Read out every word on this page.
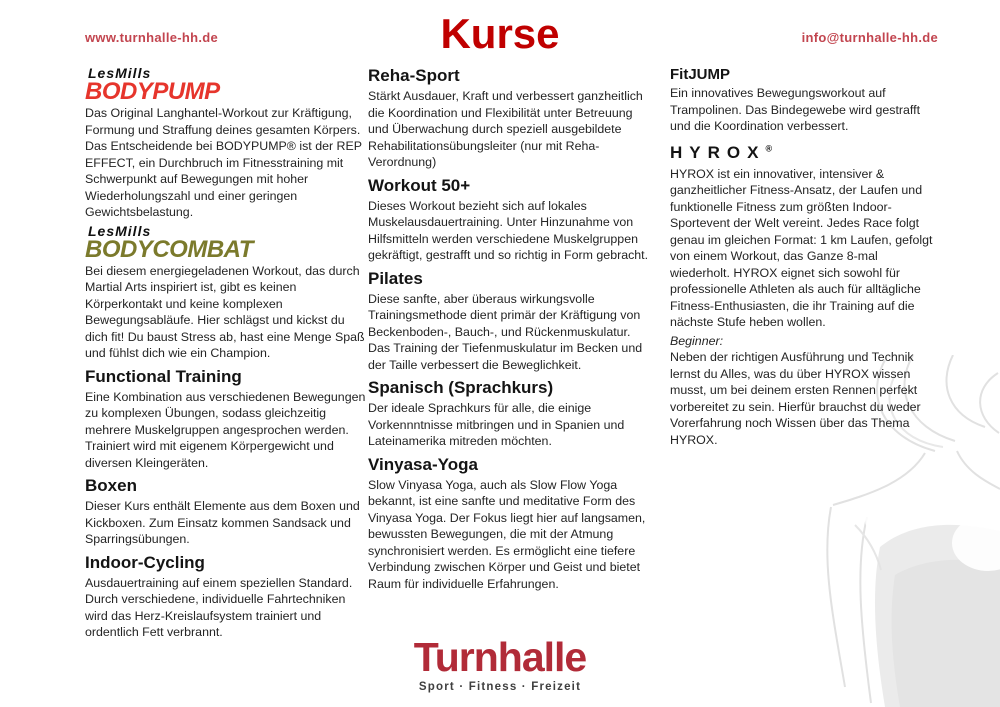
www.turnhalle-hh.de	Kurse	info@turnhalle-hh.de
LesMills
BODYPUMP

Das Original Langhantel-Workout zur Kräftigung, Formung und Straffung deines gesamten Körpers. Das Entscheidende bei BODYPUMP® ist der REP EFFECT, ein Durchbruch im Fitnesstraining mit Schwerpunkt auf Bewegungen mit hoher Wiederholungszahl und einer geringen Gewichtsbelastung.

LesMills
BODYCOMBAT

Bei diesem energiegeladenen Workout, das durch Martial Arts inspiriert ist, gibt es keinen Körperkontakt und keine komplexen Bewegungsabläufe. Hier schlägst und kickst du dich fit! Du baust Stress ab, hast eine Menge Spaß und fühlst dich wie ein Champion.

Functional Training

Eine Kombination aus verschiedenen Bewegungen zu komplexen Übungen, sodass gleichzeitig mehrere Muskelgruppen angesprochen werden. Trainiert wird mit eigenem Körpergewicht und diversen Kleingeräten.

Boxen

Dieser Kurs enthält Elemente aus dem Boxen und Kickboxen. Zum Einsatz kommen Sandsack und Sparringsübungen.

Indoor-Cycling

Ausdauertraining auf einem speziellen Standard. Durch verschiedene, individuelle Fahrtechniken wird das Herz-Kreislaufsystem trainiert und ordentlich Fett verbrannt.

Reha-Sport

Stärkt Ausdauer, Kraft und verbessert ganzheitlich die Koordination und Flexibilität unter Betreuung und Überwachung durch speziell ausgebildete Rehabilitationsübungsleiter (nur mit Reha-Verordnung)

Workout 50+

Dieses Workout bezieht sich auf lokales Muskelausdauertraining. Unter Hinzunahme von Hilfsmitteln werden verschiedene Muskelgruppen gekräftigt, gestrafft und so richtig in Form gebracht.

Pilates

Diese sanfte, aber überaus wirkungsvolle Trainingsmethode dient primär der Kräftigung von Beckenboden-, Bauch-, und Rückenmuskulatur. Das Training der Tiefenmuskulatur im Becken und der Taille verbessert die Beweglichkeit.

Spanisch (Sprachkurs)

Der ideale Sprachkurs für alle, die einige Vorkennntnisse mitbringen und in Spanien und Lateinamerika mitreden möchten.

Vinyasa-Yoga

Slow Vinyasa Yoga, auch als Slow Flow Yoga bekannt, ist eine sanfte und meditative Form des Vinyasa Yoga. Der Fokus liegt hier auf langsamen, bewussten Bewegungen, die mit der Atmung synchronisiert werden. Es ermöglicht eine tiefere Verbindung zwischen Körper und Geist und bietet Raum für individuelle Erfahrungen.

FitJUMP

Ein innovatives Bewegungsworkout auf Trampolinen. Das Bindegewebe wird gestrafft und die Koordination verbessert.

HYROX®

HYROX ist ein innovativer, intensiver & ganzheitlicher Fitness-Ansatz, der Laufen und funktionelle Fitness zum größten Indoor-Sportevent der Welt vereint. Jedes Race folgt genau im gleichen Format: 1 km Laufen, gefolgt von einem Workout, das Ganze 8-mal wiederholt. HYROX eignet sich sowohl für professionelle Athleten als auch für alltägliche Fitness-Enthusiasten, die ihr Training auf die nächste Stufe heben wollen.

Beginner:

Neben der richtigen Ausführung und Technik lernst du Alles, was du über HYROX wissen musst, um bei deinem ersten Rennen perfekt vorbereitet zu sein. Hierfür brauchst du weder Vorerfahrung noch Wissen über das Thema HYROX.

Turnhalle
Sport · Fitness · Freizeit
